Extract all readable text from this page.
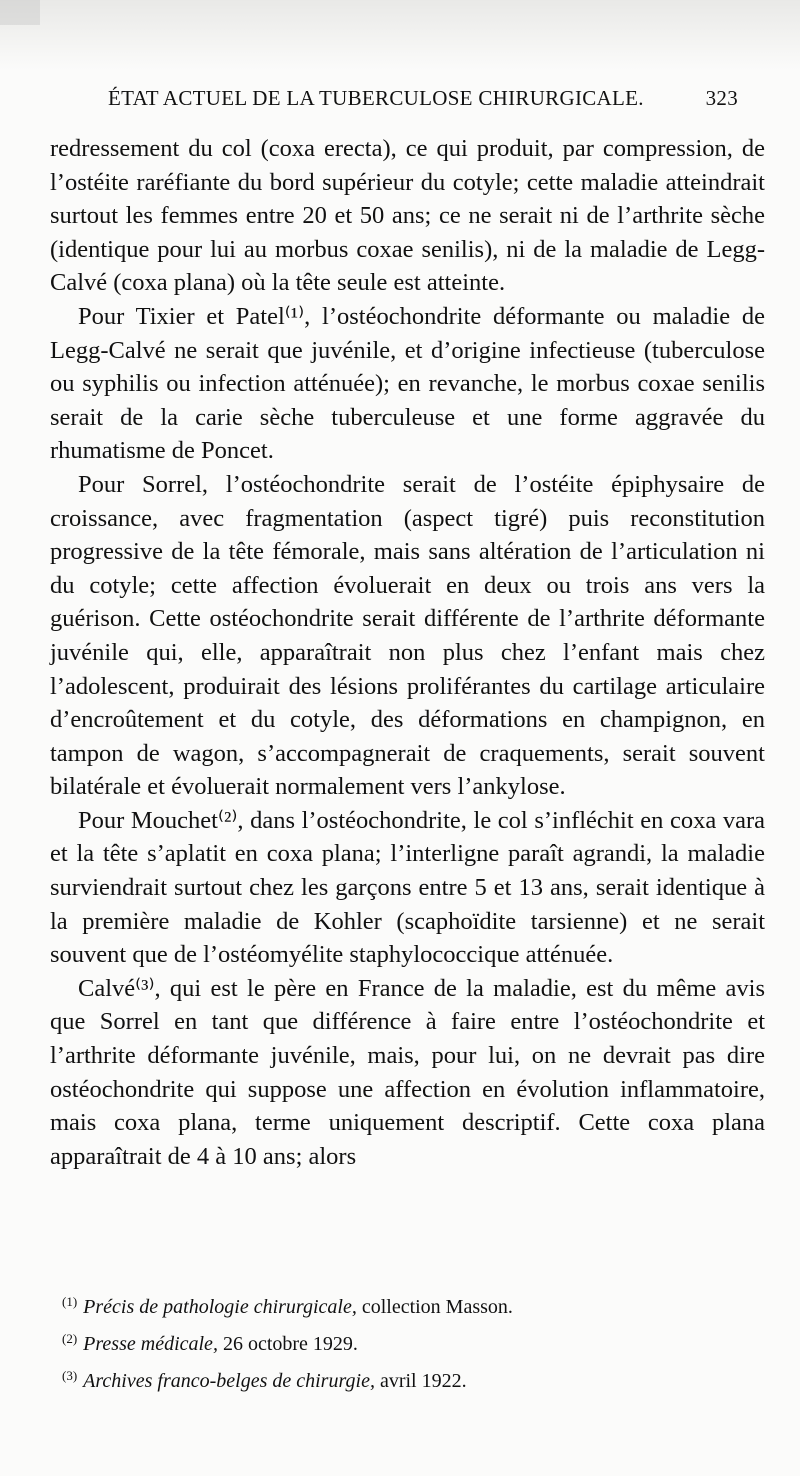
ÉTAT ACTUEL DE LA TUBERCULOSE CHIRURGICALE.	323

redressement du col (coxa erecta), ce qui produit, par compression, de l’ostéite raréfiante du bord supérieur du cotyle; cette maladie atteindrait surtout les femmes entre 20 et 50 ans; ce ne serait ni de l’arthrite sèche (identique pour lui au morbus coxae senilis), ni de la maladie de Legg-Calvé (coxa plana) où la tête seule est atteinte.

Pour Tixier et Patel⁽¹⁾, l’ostéochondrite déformante ou maladie de Legg-Calvé ne serait que juvénile, et d’origine infectieuse (tuberculose ou syphilis ou infection atténuée); en revanche, le morbus coxae senilis serait de la carie sèche tuberculeuse et une forme aggravée du rhumatisme de Poncet.

Pour Sorrel, l’ostéochondrite serait de l’ostéite épiphysaire de croissance, avec fragmentation (aspect tigré) puis reconstitution progressive de la tête fémorale, mais sans altération de l’articulation ni du cotyle; cette affection évoluerait en deux ou trois ans vers la guérison. Cette ostéochondrite serait différente de l’arthrite déformante juvénile qui, elle, apparaîtrait non plus chez l’enfant mais chez l’adolescent, produirait des lésions proliférantes du cartilage articulaire d’encroûtement et du cotyle, des déformations en champignon, en tampon de wagon, s’accompagnerait de craquements, serait souvent bilatérale et évoluerait normalement vers l’ankylose.

Pour Mouchet⁽²⁾, dans l’ostéochondrite, le col s’infléchit en coxa vara et la tête s’aplatit en coxa plana; l’interligne paraît agrandi, la maladie surviendrait surtout chez les garçons entre 5 et 13 ans, serait identique à la première maladie de Kohler (scaphoïdite tarsienne) et ne serait souvent que de l’ostéomyélite staphylococcique atténuée.

Calvé⁽³⁾, qui est le père en France de la maladie, est du même avis que Sorrel en tant que différence à faire entre l’ostéochondrite et l’arthrite déformante juvénile, mais, pour lui, on ne devrait pas dire ostéochondrite qui suppose une affection en évolution inflammatoire, mais coxa plana, terme uniquement descriptif. Cette coxa plana apparaîtrait de 4 à 10 ans; alors

$^{(1)}$ Précis de pathologie chirurgicale, collection Masson.

$^{(2)}$ Presse médicale, 26 octobre 1929.

$^{(3)}$ Archives franco-belges de chirurgie, avril 1922.
